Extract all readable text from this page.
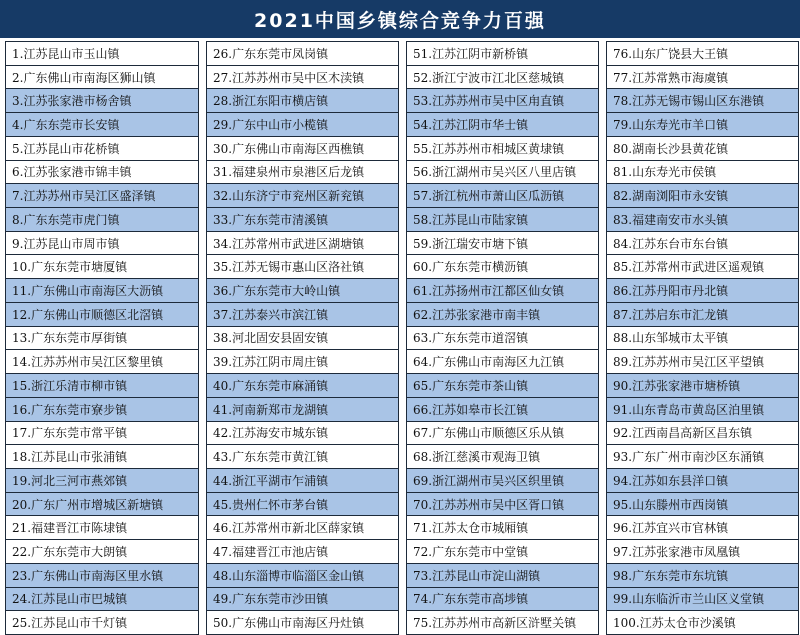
2021中国乡镇综合竞争力百强
1.江苏昆山市玉山镇
2.广东佛山市南海区狮山镇
3.江苏张家港市杨舍镇
4.广东东莞市长安镇
5.江苏昆山市花桥镇
6.江苏张家港市锦丰镇
7.江苏苏州市吴江区盛泽镇
8.广东东莞市虎门镇
9.江苏昆山市周市镇
10.广东东莞市塘厦镇
11.广东佛山市南海区大沥镇
12.广东佛山市顺德区北滘镇
13.广东东莞市厚街镇
14.江苏苏州市吴江区黎里镇
15.浙江乐清市柳市镇
16.广东东莞市寮步镇
17.广东东莞市常平镇
18.江苏昆山市张浦镇
19.河北三河市燕郊镇
20.广东广州市增城区新塘镇
21.福建晋江市陈埭镇
22.广东东莞市大朗镇
23.广东佛山市南海区里水镇
24.江苏昆山市巴城镇
25.江苏昆山市千灯镇
26.广东东莞市凤岗镇
27.江苏苏州市吴中区木渎镇
28.浙江东阳市横店镇
29.广东中山市小榄镇
30.广东佛山市南海区西樵镇
31.福建泉州市泉港区后龙镇
32.山东济宁市兖州区新兖镇
33.广东东莞市清溪镇
34.江苏常州市武进区湖塘镇
35.江苏无锡市惠山区洛社镇
36.广东东莞市大岭山镇
37.江苏泰兴市滨江镇
38.河北固安县固安镇
39.江苏江阴市周庄镇
40.广东东莞市麻涌镇
41.河南新郑市龙湖镇
42.江苏海安市城东镇
43.广东东莞市黄江镇
44.浙江平湖市乍浦镇
45.贵州仁怀市茅台镇
46.江苏常州市新北区薛家镇
47.福建晋江市池店镇
48.山东淄博市临淄区金山镇
49.广东东莞市沙田镇
50.广东佛山市南海区丹灶镇
51.江苏江阴市新桥镇
52.浙江宁波市江北区慈城镇
53.江苏苏州市吴中区甪直镇
54.江苏江阴市华士镇
55.江苏苏州市相城区黄埭镇
56.浙江湖州市吴兴区八里店镇
57.浙江杭州市萧山区瓜沥镇
58.江苏昆山市陆家镇
59.浙江瑞安市塘下镇
60.广东东莞市横沥镇
61.江苏扬州市江都区仙女镇
62.江苏张家港市南丰镇
63.广东东莞市道滘镇
64.广东佛山市南海区九江镇
65.广东东莞市茶山镇
66.江苏如皋市长江镇
67.广东佛山市顺德区乐从镇
68.浙江慈溪市观海卫镇
69.浙江湖州市吴兴区织里镇
70.江苏苏州市吴中区胥口镇
71.江苏太仓市城厢镇
72.广东东莞市中堂镇
73.江苏昆山市淀山湖镇
74.广东东莞市高埗镇
75.江苏苏州市高新区浒墅关镇
76.山东广饶县大王镇
77.江苏常熟市海虞镇
78.江苏无锡市锡山区东港镇
79.山东寿光市羊口镇
80.湖南长沙县黄花镇
81.山东寿光市侯镇
82.湖南浏阳市永安镇
83.福建南安市水头镇
84.江苏东台市东台镇
85.江苏常州市武进区遥观镇
86.江苏丹阳市丹北镇
87.江苏启东市汇龙镇
88.山东邹城市太平镇
89.江苏苏州市吴江区平望镇
90.江苏张家港市塘桥镇
91.山东青岛市黄岛区泊里镇
92.江西南昌高新区昌东镇
93.广东广州市南沙区东涌镇
94.江苏如东县洋口镇
95.山东滕州市西岗镇
96.江苏宜兴市官林镇
97.江苏张家港市凤凰镇
98.广东东莞市东坑镇
99.山东临沂市兰山区义堂镇
100.江苏太仓市沙溪镇
